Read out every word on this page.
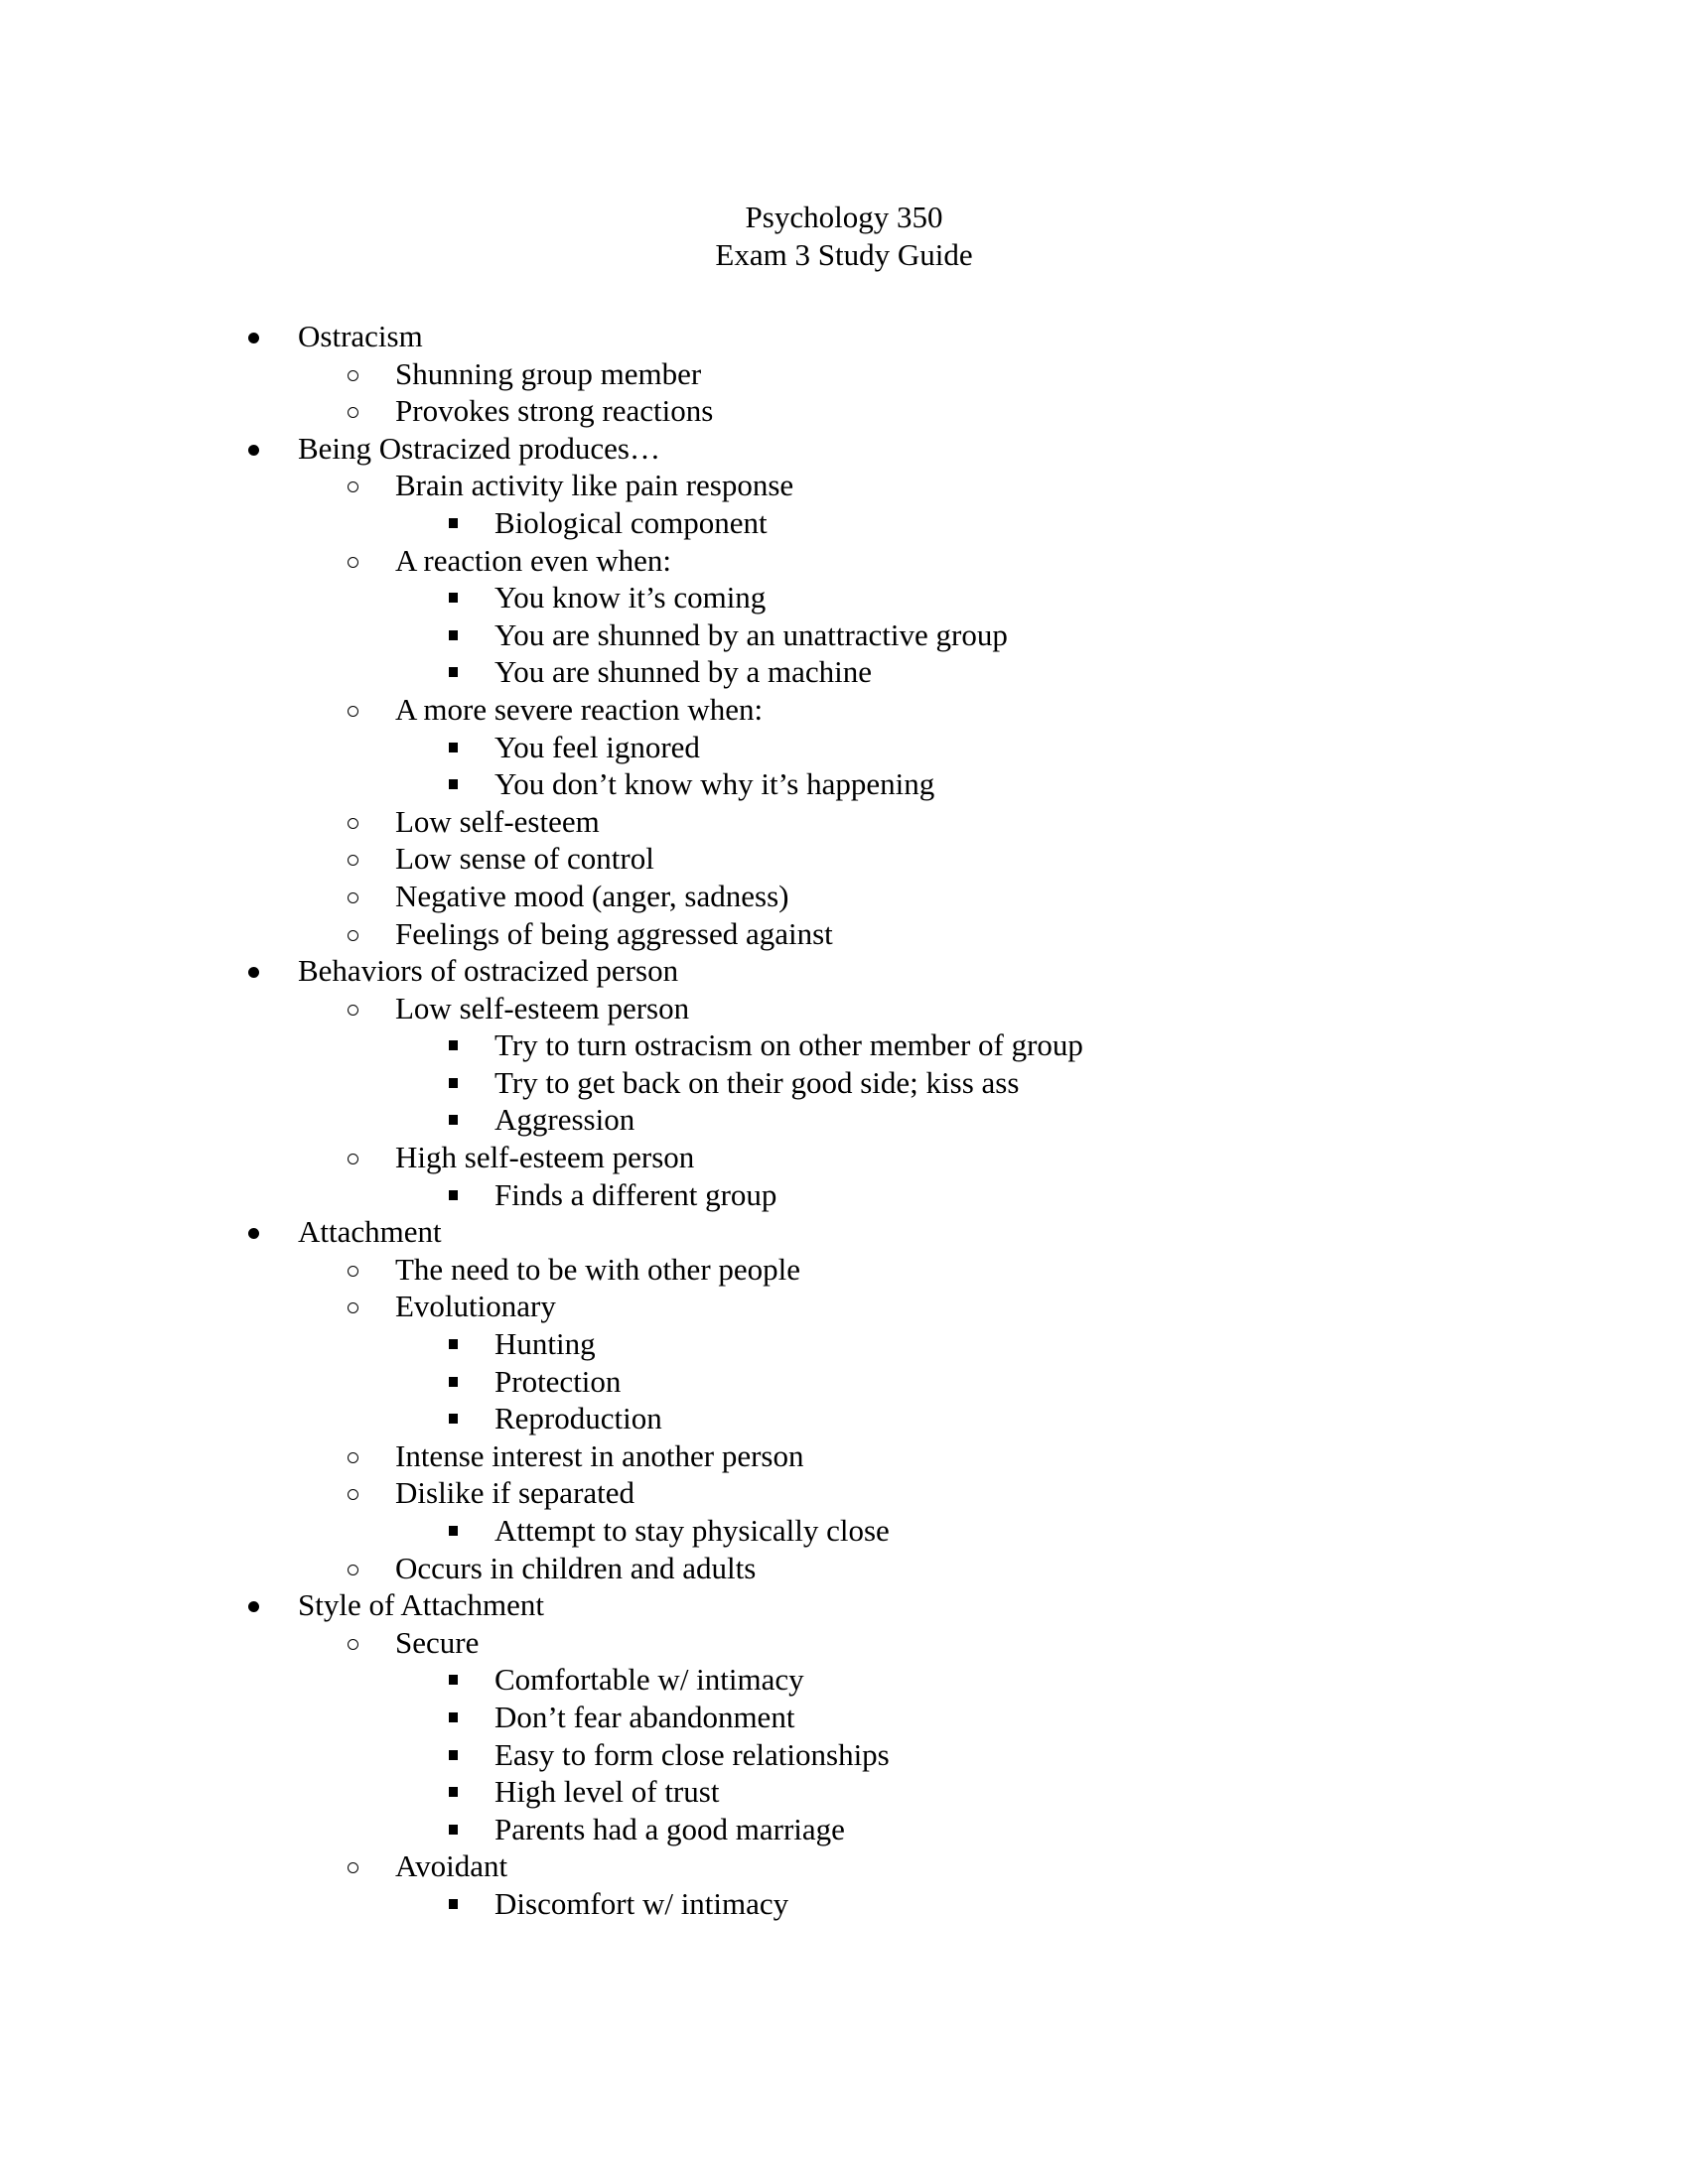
Psychology 350
Exam 3 Study Guide
Ostracism
Shunning group member
Provokes strong reactions
Being Ostracized produces…
Brain activity like pain response
Biological component
A reaction even when:
You know it’s coming
You are shunned by an unattractive group
You are shunned by a machine
A more severe reaction when:
You feel ignored
You don’t know why it’s happening
Low self-esteem
Low sense of control
Negative mood (anger, sadness)
Feelings of being aggressed against
Behaviors of ostracized person
Low self-esteem person
Try to turn ostracism on other member of group
Try to get back on their good side; kiss ass
Aggression
High self-esteem person
Finds a different group
Attachment
The need to be with other people
Evolutionary
Hunting
Protection
Reproduction
Intense interest in another person
Dislike if separated
Attempt to stay physically close
Occurs in children and adults
Style of Attachment
Secure
Comfortable w/ intimacy
Don’t fear abandonment
Easy to form close relationships
High level of trust
Parents had a good marriage
Avoidant
Discomfort w/ intimacy
